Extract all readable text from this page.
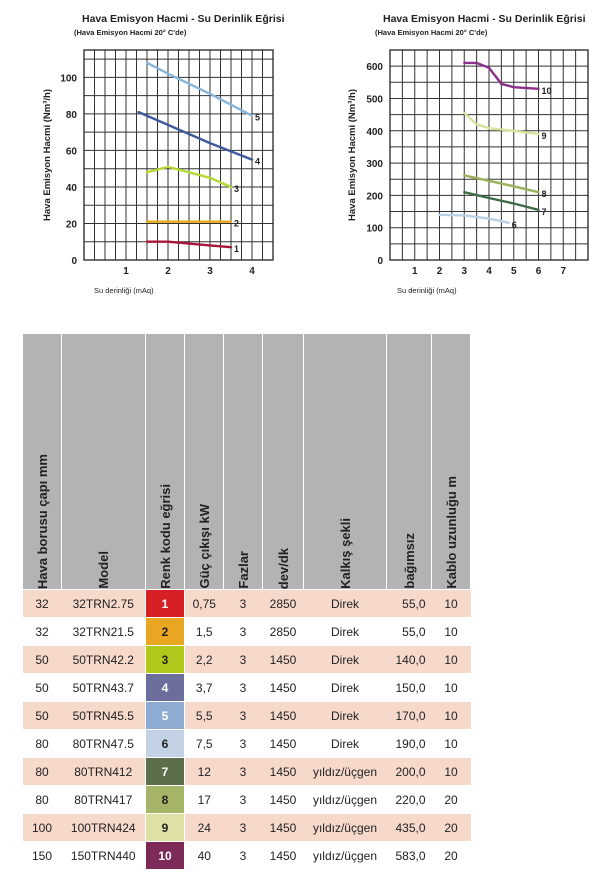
Hava Emisyon Hacmi - Su Derinlik Eğrisi
(Hava Emisyon Hacmi 20° C'de)
0
20
40
60
80
100
1	2	3	4
Hava Emisyon Hacmi (Nm³/h)
Su derinliği (mAq)
1
2
3
4
5
Hava Emisyon Hacmi - Su Derinlik Eğrisi
(Hava Emisyon Hacmi 20° C'de)
0
100
200
300
400
500
600
1 2 3 4 5 6 7
Hava Emisyon Hacmi (Nm³/h)
Su derinliği (mAq)
6
7
8
9
10
Hava borusu çapı mm	Model	Renk kodu eğrisi	Güç çıkışı kW	Fazlar	dev/dk	Kalkış şekli	bağımsız	Kablo uzunluğu m

32	32TRN2.75	1	0,75	3	2850	Direk	55,0	10
32	32TRN21.5	2	1,5	3	2850	Direk	55,0	10
50	50TRN42.2	3	2,2	3	1450	Direk	140,0	10
50	50TRN43.7	4	3,7	3	1450	Direk	150,0	10
50	50TRN45.5	5	5,5	3	1450	Direk	170,0	10
80	80TRN47.5	6	7,5	3	1450	Direk	190,0	10
80	80TRN412	7	12	3	1450	yıldız/üçgen	200,0	10
80	80TRN417	8	17	3	1450	yıldız/üçgen	220,0	20
100	100TRN424	9	24	3	1450	yıldız/üçgen	435,0	20
150	150TRN440	10	40	3	1450	yıldız/üçgen	583,0	20
